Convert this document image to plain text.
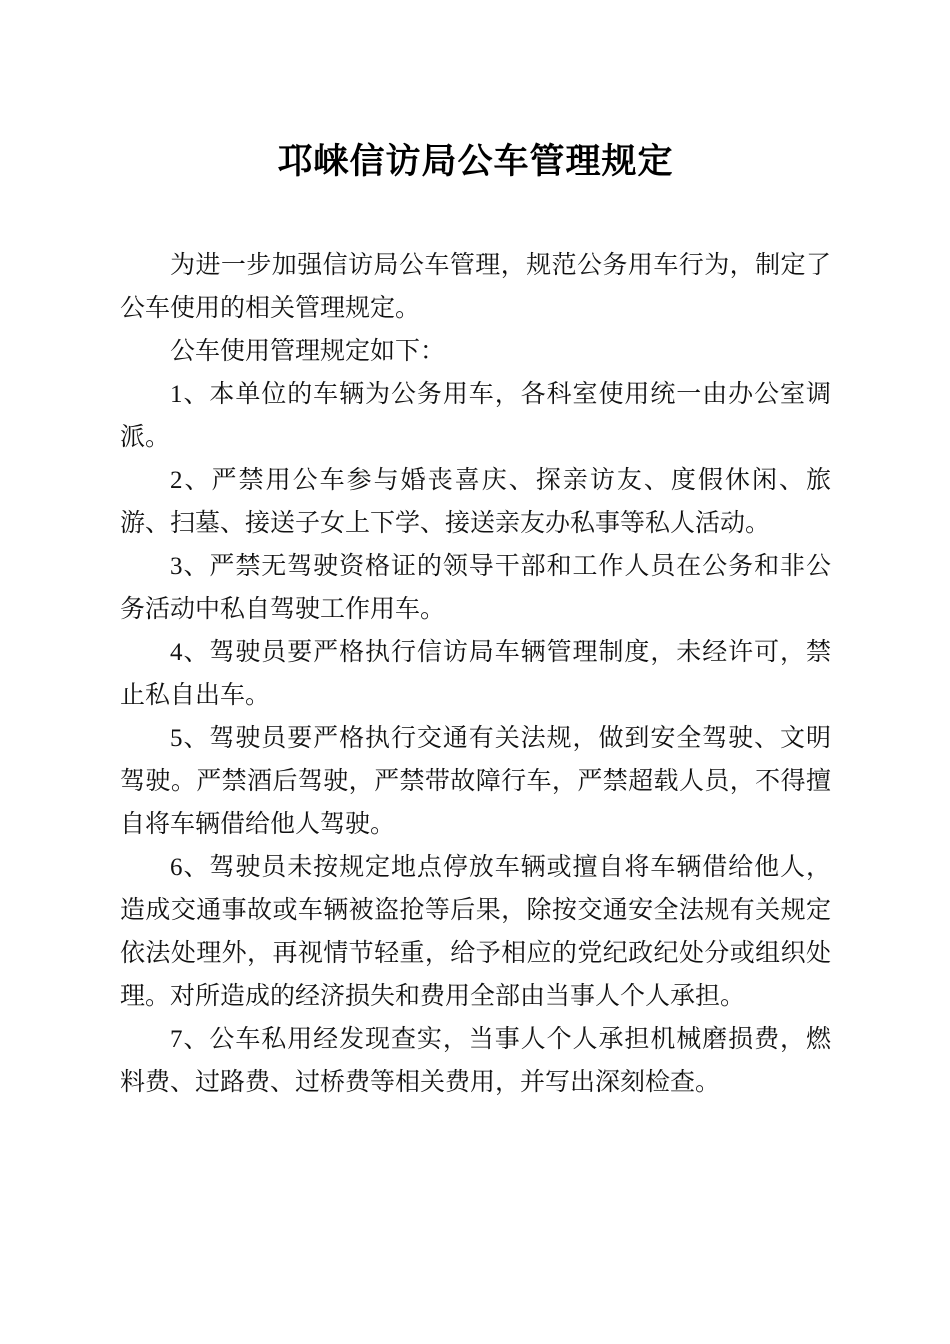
邛崃信访局公车管理规定

为进一步加强信访局公车管理，规范公务用车行为，制定了公车使用的相关管理规定。

公车使用管理规定如下：

1、本单位的车辆为公务用车，各科室使用统一由办公室调派。

2、严禁用公车参与婚丧喜庆、探亲访友、度假休闲、旅游、扫墓、接送子女上下学、接送亲友办私事等私人活动。

3、严禁无驾驶资格证的领导干部和工作人员在公务和非公务活动中私自驾驶工作用车。

4、驾驶员要严格执行信访局车辆管理制度，未经许可，禁止私自出车。

5、驾驶员要严格执行交通有关法规，做到安全驾驶、文明驾驶。严禁酒后驾驶，严禁带故障行车，严禁超载人员，不得擅自将车辆借给他人驾驶。

6、驾驶员未按规定地点停放车辆或擅自将车辆借给他人，造成交通事故或车辆被盗抢等后果，除按交通安全法规有关规定依法处理外，再视情节轻重，给予相应的党纪政纪处分或组织处理。对所造成的经济损失和费用全部由当事人个人承担。

7、公车私用经发现查实，当事人个人承担机械磨损费，燃料费、过路费、过桥费等相关费用，并写出深刻检查。
